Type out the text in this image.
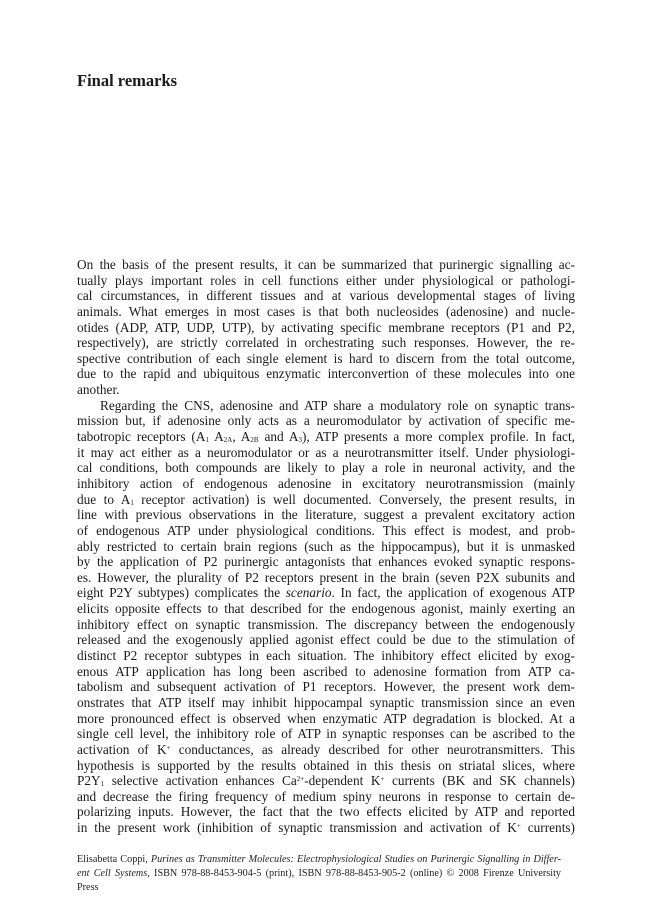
Final remarks
On the basis of the present results, it can be summarized that purinergic signalling ac-
tually plays important roles in cell functions either under physiological or pathologi-
cal circumstances, in different tissues and at various developmental stages of living
animals. What emerges in most cases is that both nucleosides (adenosine) and nucle-
otides (ADP, ATP, UDP, UTP), by activating specific membrane receptors (P1 and P2,
respectively), are strictly correlated in orchestrating such responses. However, the re-
spective contribution of each single element is hard to discern from the total outcome,
due to the rapid and ubiquitous enzymatic interconvertion of these molecules into one
another.
Regarding the CNS, adenosine and ATP share a modulatory role on synaptic trans-
mission but, if adenosine only acts as a neuromodulator by activation of specific me-
tabotropic receptors ($A_1$ $A_{2A}$, $A_{2B}$ and $A_3$), ATP presents a more complex profile. In fact,
it may act either as a neuromodulator or as a neurotransmitter itself. Under physiologi-
cal conditions, both compounds are likely to play a role in neuronal activity, and the
inhibitory action of endogenous adenosine in excitatory neurotransmission (mainly
due to $A_1$ receptor activation) is well documented. Conversely, the present results, in
line with previous observations in the literature, suggest a prevalent excitatory action
of endogenous ATP under physiological conditions. This effect is modest, and prob-
ably restricted to certain brain regions (such as the hippocampus), but it is unmasked
by the application of P2 purinergic antagonists that enhances evoked synaptic respons-
es. However, the plurality of P2 receptors present in the brain (seven P2X subunits and
eight P2Y subtypes) complicates the scenario. In fact, the application of exogenous ATP
elicits opposite effects to that described for the endogenous agonist, mainly exerting an
inhibitory effect on synaptic transmission. The discrepancy between the endogenously
released and the exogenously applied agonist effect could be due to the stimulation of
distinct P2 receptor subtypes in each situation. The inhibitory effect elicited by exog-
enous ATP application has long been ascribed to adenosine formation from ATP ca-
tabolism and subsequent activation of P1 receptors. However, the present work dem-
onstrates that ATP itself may inhibit hippocampal synaptic transmission since an even
more pronounced effect is observed when enzymatic ATP degradation is blocked. At a
single cell level, the inhibitory role of ATP in synaptic responses can be ascribed to the
activation of K+ conductances, as already described for other neurotransmitters. This
hypothesis is supported by the results obtained in this thesis on striatal slices, where
$P2Y_1$ selective activation enhances $Ca^{2+}$-dependent K+ currents (BK and SK channels)
and decrease the firing frequency of medium spiny neurons in response to certain de-
polarizing inputs. However, the fact that the two effects elicited by ATP and reported
in the present work (inhibition of synaptic transmission and activation of K+ currents)
Elisabetta Coppi, Purines as Transmitter Molecules: Electrophysiological Studies on Purinergic Signalling in Differ-
ent Cell Systems, ISBN 978-88-8453-904-5 (print), ISBN 978-88-8453-905-2 (online) © 2008 Firenze University
Press
